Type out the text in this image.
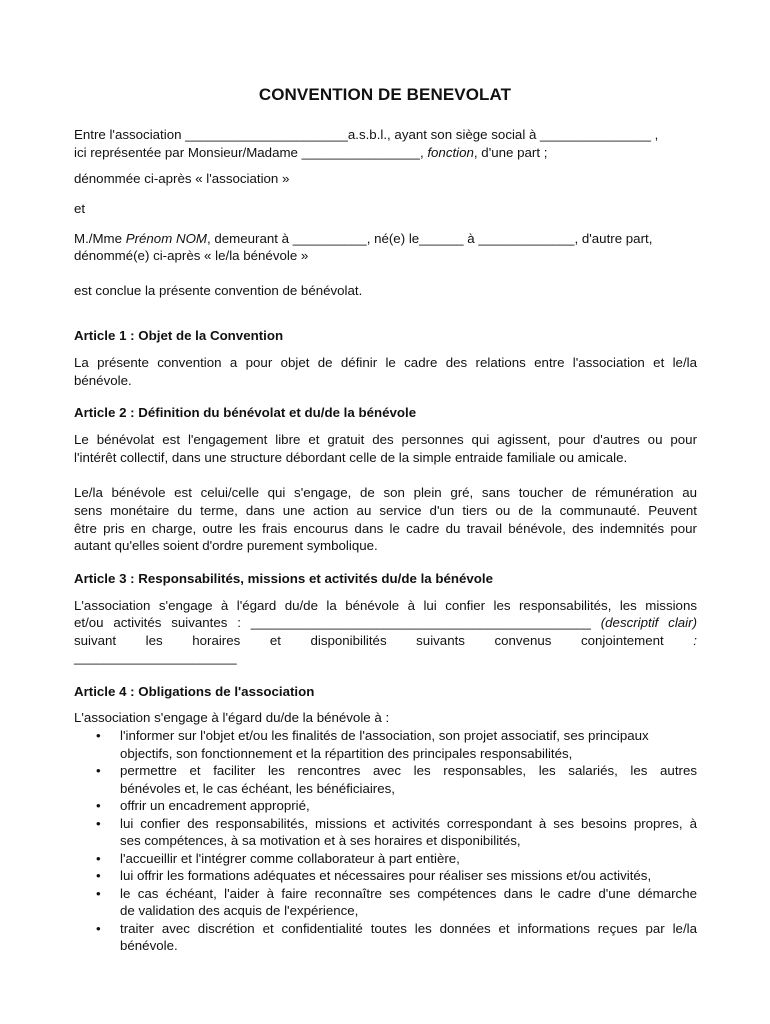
CONVENTION DE BENEVOLAT
Entre l'association ______________________a.s.b.l., ayant son siège social à _______________ ,
ici représentée par Monsieur/Madame ________________, fonction, d'une part ;
dénommée ci-après « l'association »
et
M./Mme Prénom NOM, demeurant à __________, né(e) le______ à _____________, d'autre part,
dénommé(e) ci-après « le/la bénévole »
est conclue la présente convention de bénévolat.
Article 1 : Objet de la Convention
La présente convention a pour objet de définir le cadre des relations entre l'association et le/la
bénévole.
Article 2 : Définition du bénévolat et du/de la bénévole
Le bénévolat est l'engagement libre et gratuit des personnes qui agissent, pour d'autres ou pour
l'intérêt collectif, dans une structure débordant celle de la simple entraide familiale ou amicale.
Le/la bénévole est celui/celle qui s'engage, de son plein gré, sans toucher de rémunération au
sens monétaire du terme, dans une action au service d'un tiers ou de la communauté. Peuvent
être pris en charge, outre les frais encourus dans le cadre du travail bénévole, des indemnités pour
autant qu'elles soient d'ordre purement symbolique.
Article 3 : Responsabilités, missions et activités du/de la bénévole
L'association s'engage à l'égard du/de la bénévole à lui confier les responsabilités, les missions
et/ou activités suivantes : ______________________________________________ (descriptif clair)
suivant les horaires et disponibilités suivants convenus conjointement :
______________________
Article 4 : Obligations de l'association
L'association s'engage à l'égard du/de la bénévole à :
• l'informer sur l'objet et/ou les finalités de l'association, son projet associatif, ses principaux
objectifs, son fonctionnement et la répartition des principales responsabilités,
• permettre et faciliter les rencontres avec les responsables, les salariés, les autres
bénévoles et, le cas échéant, les bénéficiaires,
• offrir un encadrement approprié,
• lui confier des responsabilités, missions et activités correspondant à ses besoins propres, à
ses compétences, à sa motivation et à ses horaires et disponibilités,
• l'accueillir et l'intégrer comme collaborateur à part entière,
• lui offrir les formations adéquates et nécessaires pour réaliser ses missions et/ou activités,
• le cas échéant, l'aider à faire reconnaître ses compétences dans le cadre d'une démarche
de validation des acquis de l'expérience,
• traiter avec discrétion et confidentialité toutes les données et informations reçues par le/la
bénévole.
